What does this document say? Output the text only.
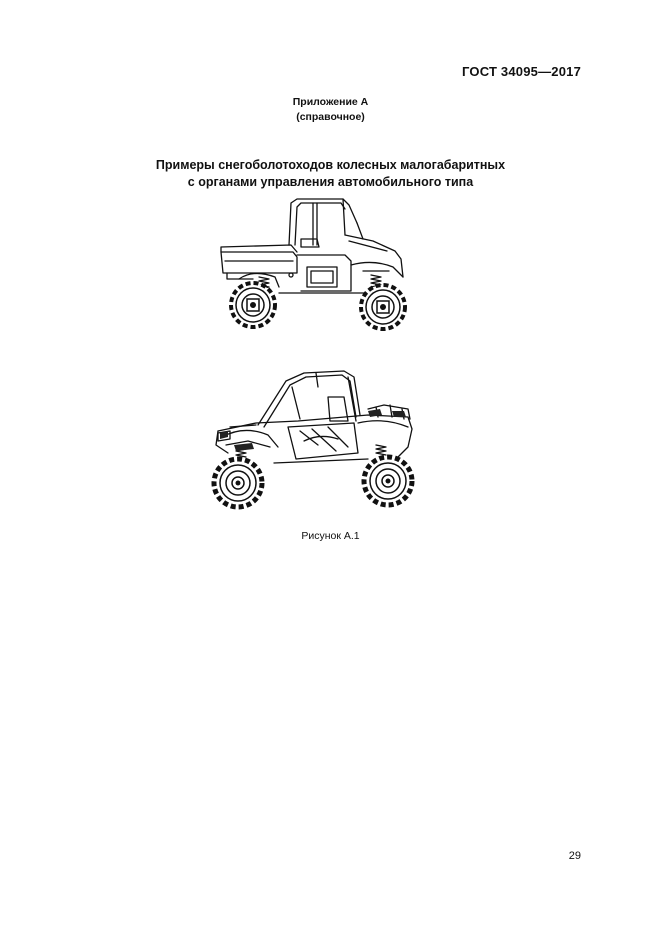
ГОСТ 34095—2017
Приложение А
(справочное)
Примеры снегоболотоходов колесных малогабаритных
с органами управления автомобильного типа
Рисунок А.1
29
